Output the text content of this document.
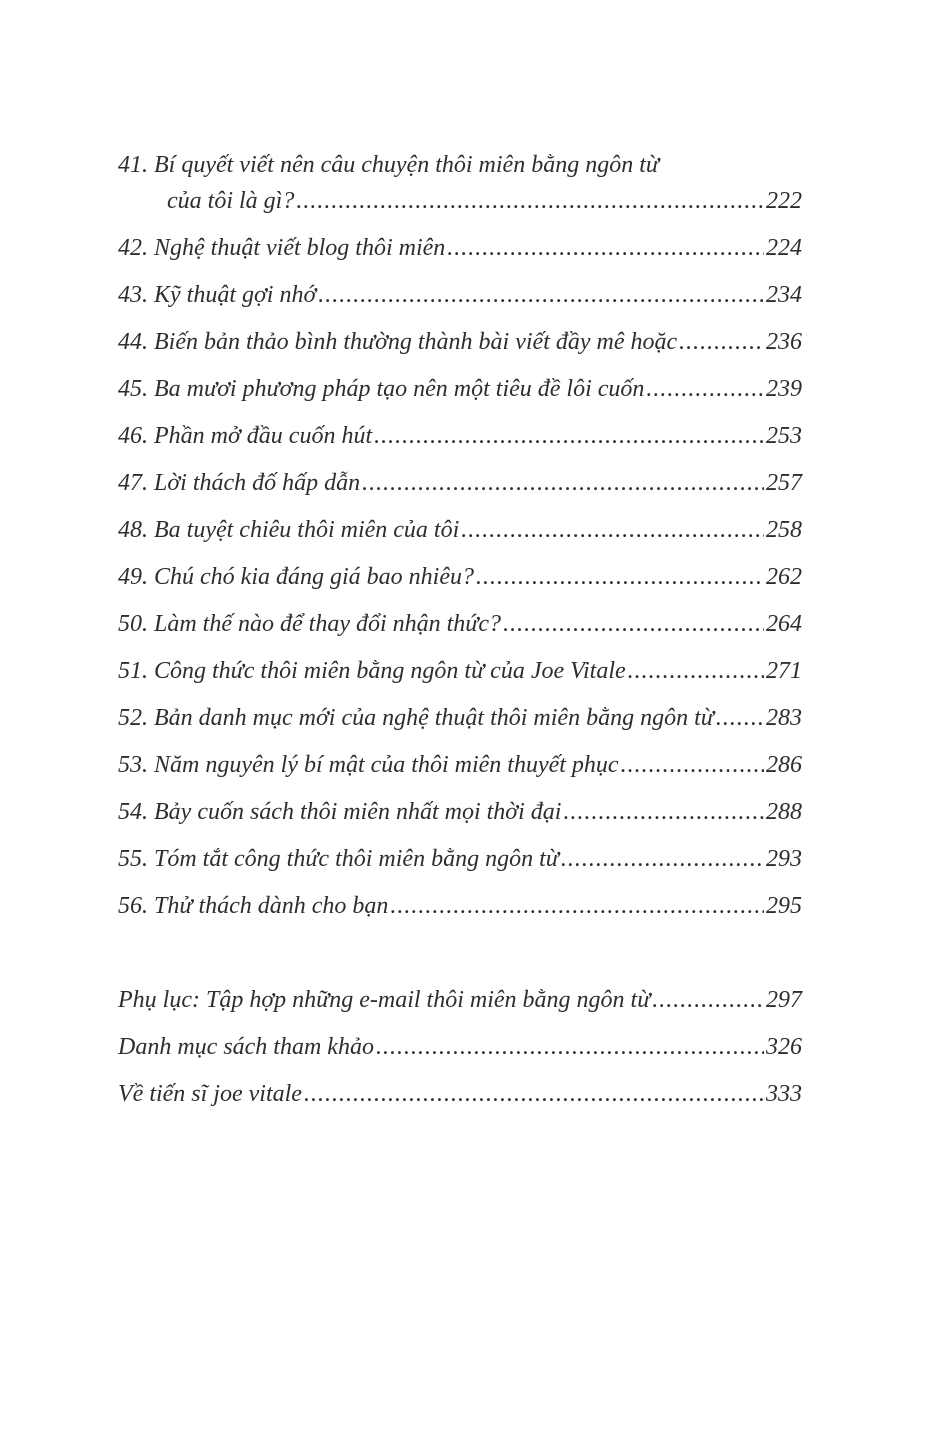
41. Bí quyết viết nên câu chuyện thôi miên bằng ngôn từ
của tôi là gì? .....	222
42. Nghệ thuật viết blog thôi miên .....	224
43. Kỹ thuật gợi nhớ .....	234
44. Biến bản thảo bình thường thành bài viết đầy mê hoặc .....	236
45. Ba mươi phương pháp tạo nên một tiêu đề lôi cuốn .....	239
46. Phần mở đầu cuốn hút .....	253
47. Lời thách đố hấp dẫn .....	257
48. Ba tuyệt chiêu thôi miên của tôi .....	258
49. Chú chó kia đáng giá bao nhiêu? .....	262
50. Làm thế nào để thay đổi nhận thức? .....	264
51. Công thức thôi miên bằng ngôn từ của Joe Vitale .....	271
52. Bản danh mục mới của nghệ thuật thôi miên bằng ngôn từ ..... 283
53. Năm nguyên lý bí mật của thôi miên thuyết phục .....	286
54. Bảy cuốn sách thôi miên nhất mọi thời đại .....	288
55. Tóm tắt công thức thôi miên bằng ngôn từ .....	293
56. Thử thách dành cho bạn .....	295
Phụ lục: Tập hợp những e-mail thôi miên bằng ngôn từ .....	297
Danh mục sách tham khảo .....	326
Về tiến sĩ joe vitale .....	333
